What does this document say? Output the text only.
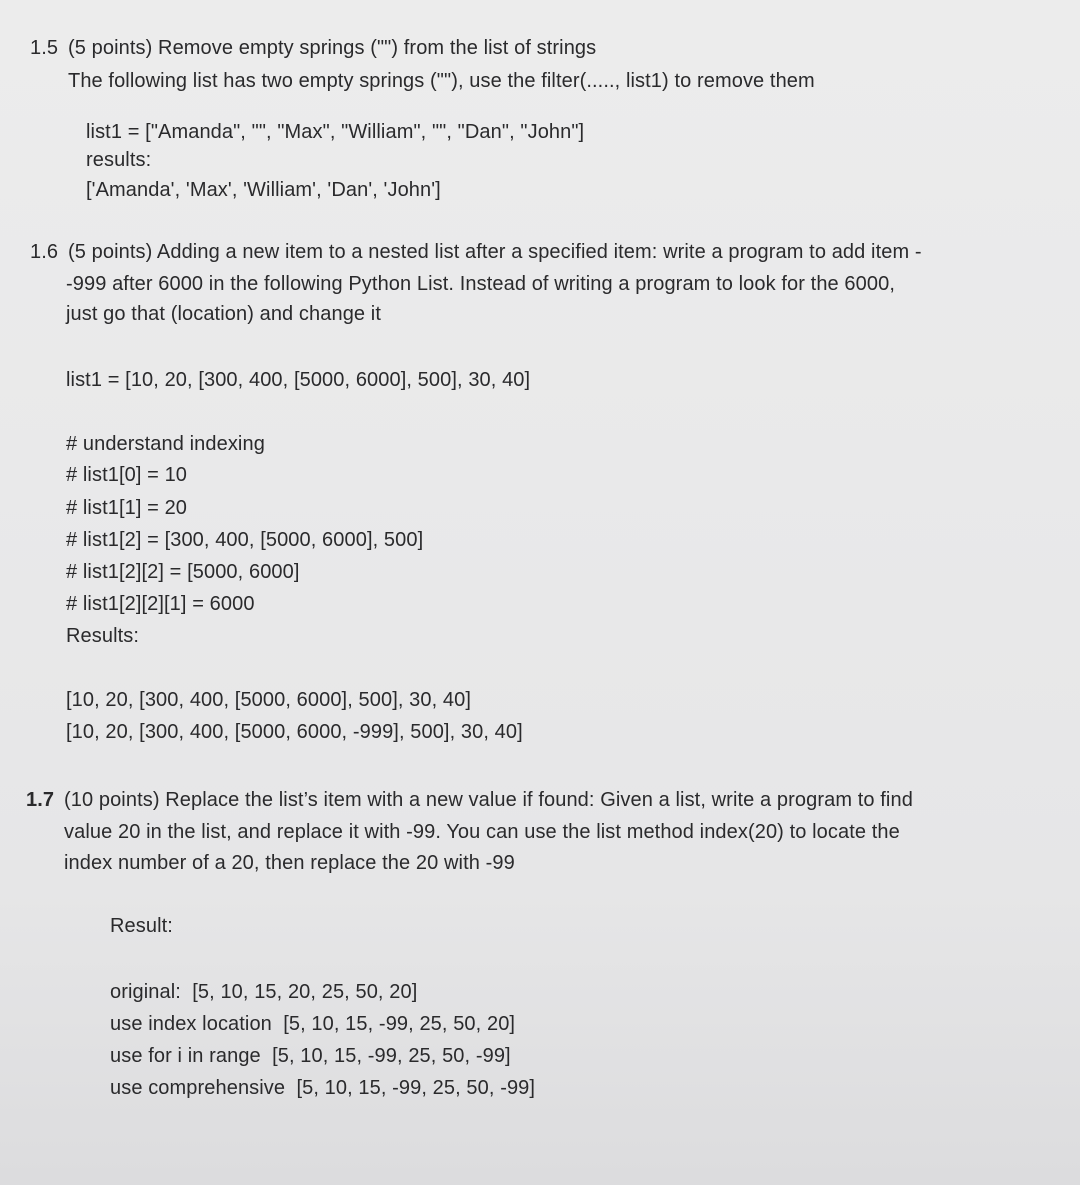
1.5 (5 points) Remove empty springs ("") from the list of strings
The following list has two empty springs (""), use the filter(....., list1) to remove them
list1 = ["Amanda", "", "Max", "William", "", "Dan", "John"]
results:
['Amanda', 'Max', 'William', 'Dan', 'John']
1.6 (5 points) Adding a new item to a nested list after a specified item: write a program to add item -
-999 after 6000 in the following Python List. Instead of writing a program to look for the 6000,
just go that (location) and change it
list1 = [10, 20, [300, 400, [5000, 6000], 500], 30, 40]
# understand indexing
# list1[0] = 10
# list1[1] = 20
# list1[2] = [300, 400, [5000, 6000], 500]
# list1[2][2] = [5000, 6000]
# list1[2][2][1] = 6000
Results:
[10, 20, [300, 400, [5000, 6000], 500], 30, 40]
[10, 20, [300, 400, [5000, 6000, -999], 500], 30, 40]
1.7 (10 points) Replace the list’s item with a new value if found: Given a list, write a program to find
value 20 in the list, and replace it with -99. You can use the list method index(20) to locate the
index number of a 20, then replace the 20 with -99
Result:
original:  [5, 10, 15, 20, 25, 50, 20]
use index location  [5, 10, 15, -99, 25, 50, 20]
use for i in range  [5, 10, 15, -99, 25, 50, -99]
use comprehensive  [5, 10, 15, -99, 25, 50, -99]
